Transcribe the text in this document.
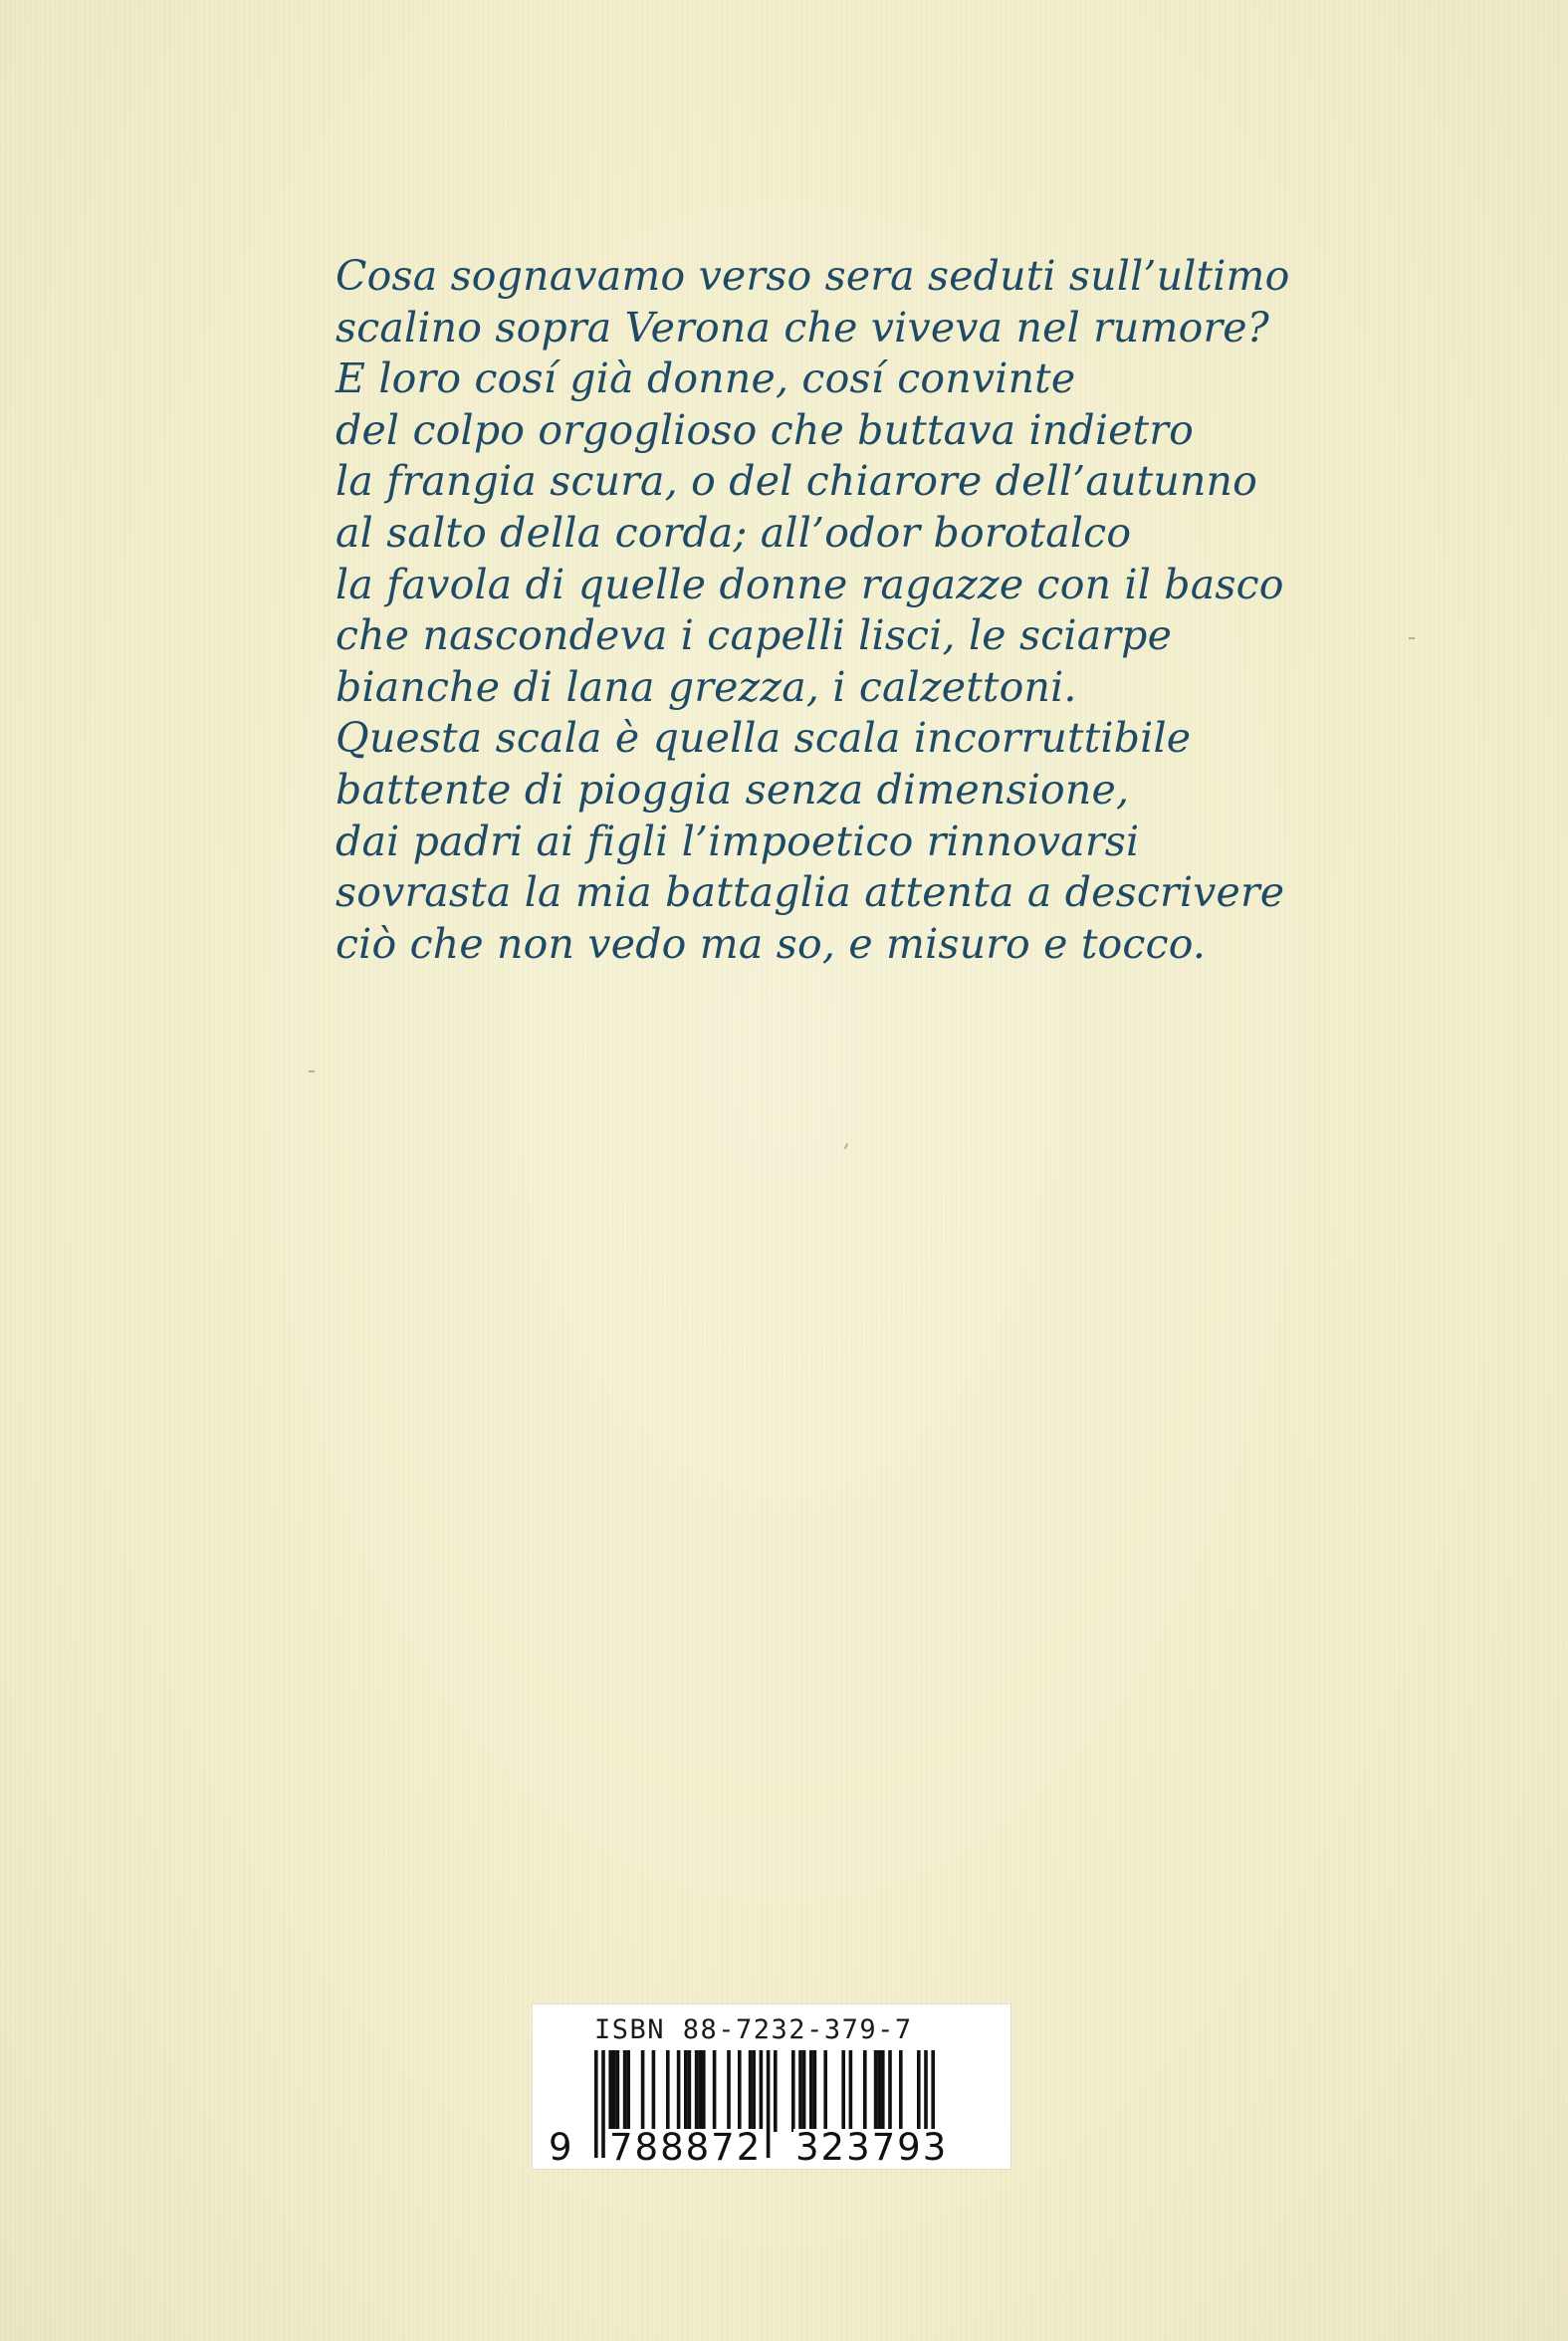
Cosa sognavamo verso sera seduti sull’ultimo
scalino sopra Verona che viveva nel rumore?
E loro cosí già donne, cosí convinte
del colpo orgoglioso che buttava indietro
la frangia scura, o del chiarore dell’autunno
al salto della corda; all’odor borotalco
la favola di quelle donne ragazze con il basco
che nascondeva i capelli lisci, le sciarpe
bianche di lana grezza, i calzettoni.
Questa scala è quella scala incorruttibile
battente di pioggia senza dimensione,
dai padri ai figli l’impoetico rinnovarsi
sovrasta la mia battaglia attenta a descrivere
ciò che non vedo ma so, e misuro e tocco.
ISBN 88-7232-379-7
9 788872 323793
